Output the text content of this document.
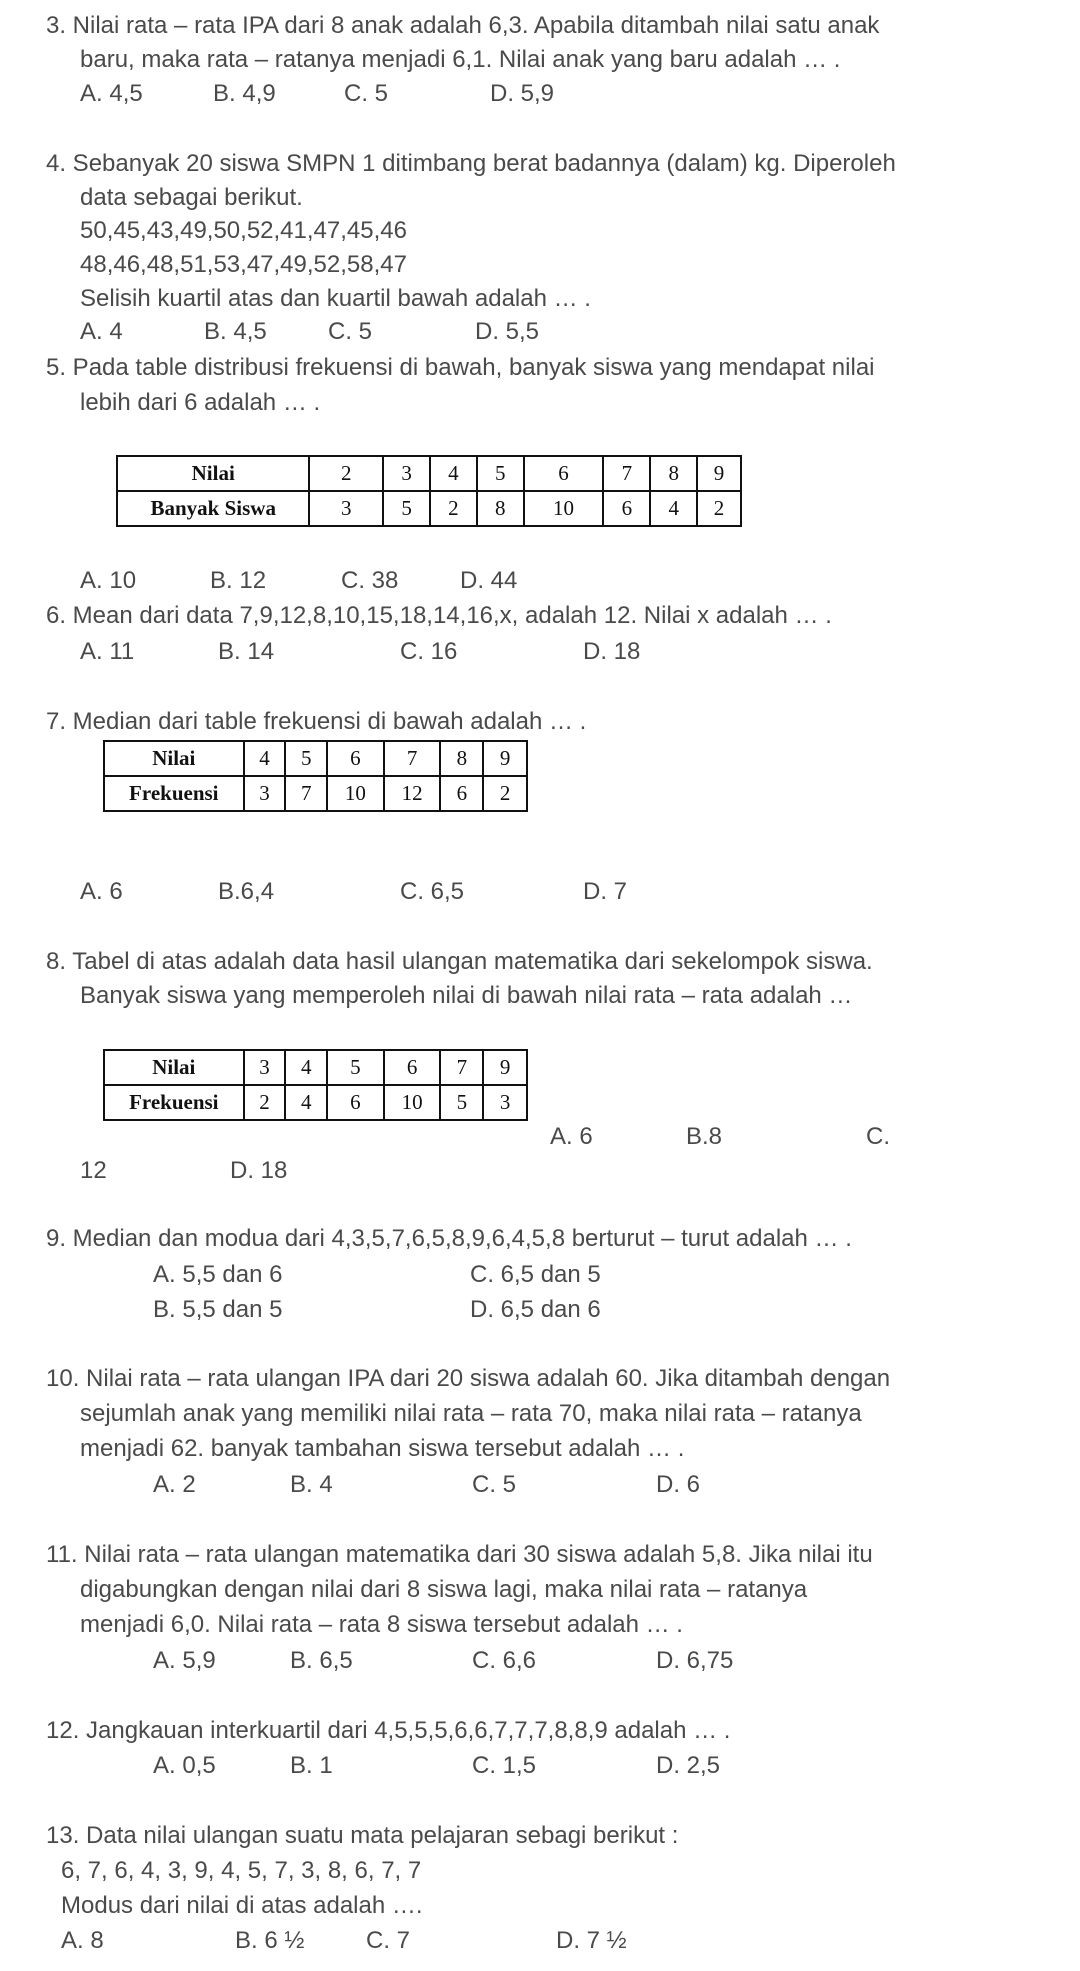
3. Nilai rata – rata IPA dari 8 anak adalah 6,3. Apabila ditambah nilai satu anak
baru, maka rata – ratanya menjadi 6,1. Nilai anak yang baru adalah … .
A. 4,5	B. 4,9	C. 5	D. 5,9
4. Sebanyak 20 siswa SMPN 1 ditimbang berat badannya (dalam) kg. Diperoleh
data sebagai berikut.
50,45,43,49,50,52,41,47,45,46
48,46,48,51,53,47,49,52,58,47
Selisih kuartil atas dan kuartil bawah adalah … .
A. 4	B. 4,5	C. 5	D. 5,5
5. Pada table distribusi frekuensi di bawah, banyak siswa yang mendapat nilai
lebih dari 6 adalah … .
Nilai	2	3	4	5	6	7	8	9
Banyak Siswa	3	5	2	8	10	6	4	2
A. 10	B. 12	C. 38	D. 44
6. Mean dari data 7,9,12,8,10,15,18,14,16,x, adalah 12. Nilai x adalah … .
A. 11	B. 14	C. 16	D. 18
7. Median dari table frekuensi di bawah adalah … .
Nilai	4	5	6	7	8	9
Frekuensi	3	7	10	12	6	2
A. 6	B.6,4	C. 6,5	D. 7
8. Tabel di atas adalah data hasil ulangan matematika dari sekelompok siswa.
Banyak siswa yang memperoleh nilai di bawah nilai rata – rata adalah …
Nilai	3	4	5	6	7	9
Frekuensi	2	4	6	10	5	3
A. 6	B.8	C.
12	D. 18
9. Median dan modua dari 4,3,5,7,6,5,8,9,6,4,5,8 berturut – turut adalah … .
A. 5,5 dan 6	C. 6,5 dan 5
B. 5,5 dan 5	D. 6,5 dan 6
10. Nilai rata – rata ulangan IPA dari 20 siswa adalah 60. Jika ditambah dengan
sejumlah anak yang memiliki nilai rata – rata 70, maka nilai rata – ratanya
menjadi 62. banyak tambahan siswa tersebut adalah … .
A. 2	B. 4	C. 5	D. 6
11. Nilai rata – rata ulangan matematika dari 30 siswa adalah 5,8. Jika nilai itu
digabungkan dengan nilai dari 8 siswa lagi, maka nilai rata – ratanya
menjadi 6,0. Nilai rata – rata 8 siswa tersebut adalah … .
A. 5,9	B. 6,5	C. 6,6	D. 6,75
12. Jangkauan interkuartil dari 4,5,5,5,6,6,7,7,7,8,8,9 adalah … .
A. 0,5	B. 1	C. 1,5	D. 2,5
13. Data nilai ulangan suatu mata pelajaran sebagi berikut :
6, 7, 6, 4, 3, 9, 4, 5, 7, 3, 8, 6, 7, 7
Modus dari nilai di atas adalah ….
A. 8	B. 6 ½	C. 7	D. 7 ½
